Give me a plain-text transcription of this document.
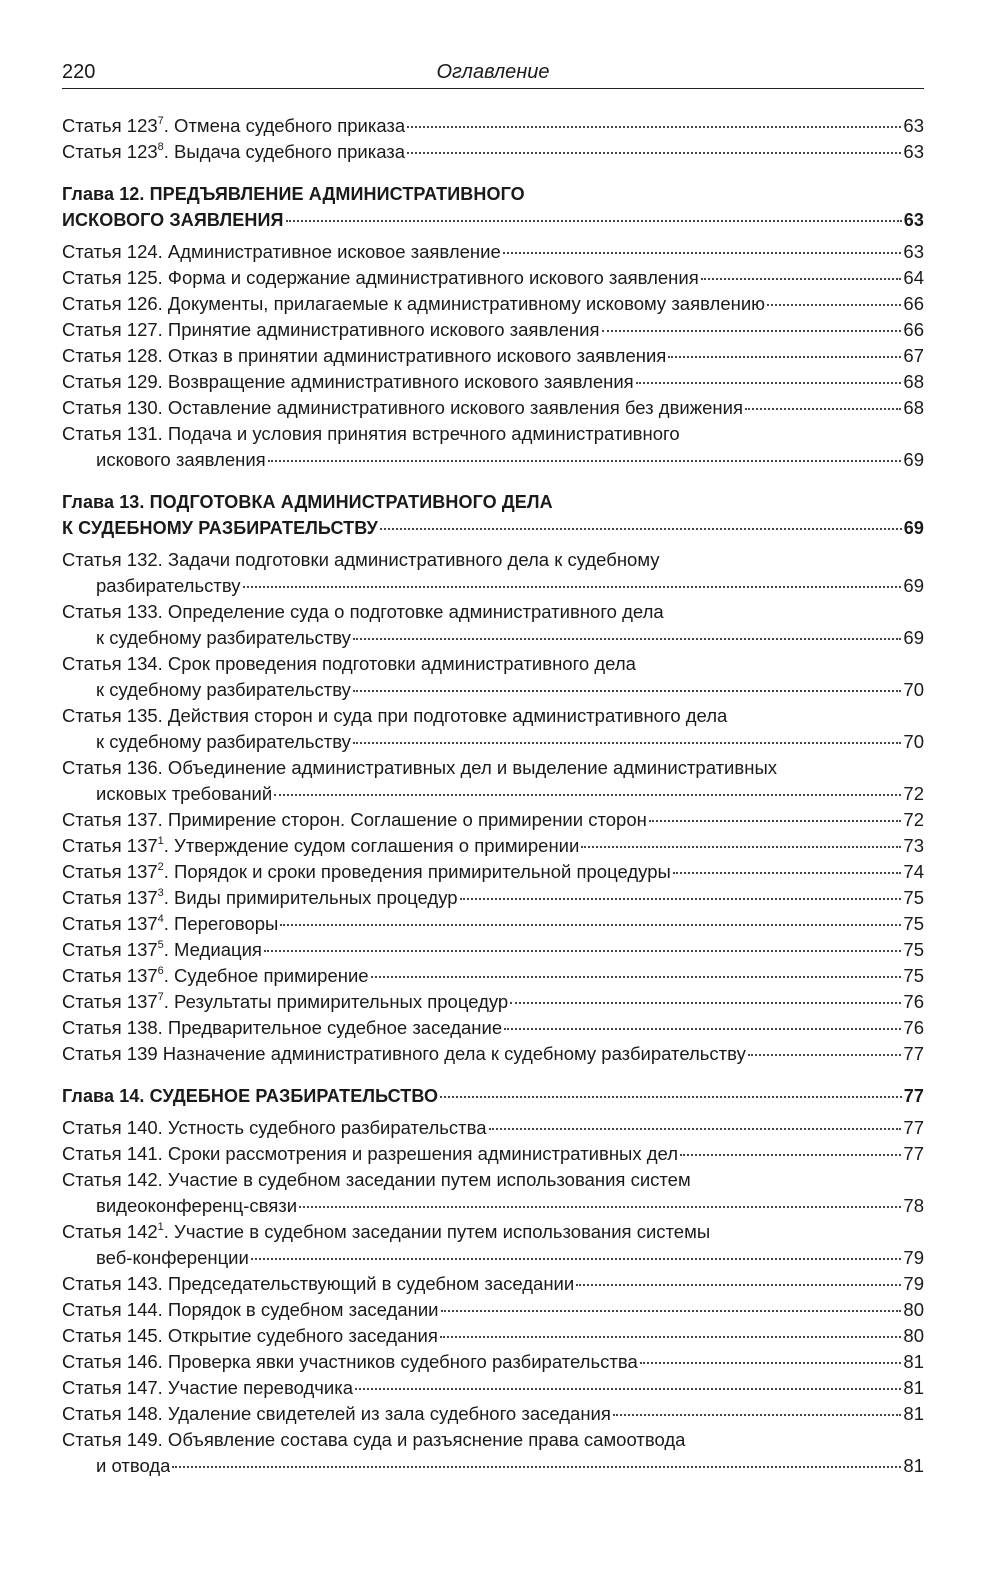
220	Оглавление
Статья $123^7$. Отмена судебного приказа	63
Статья $123^8$. Выдача судебного приказа	63
Глава 12. ПРЕДЪЯВЛЕНИЕ АДМИНИСТРАТИВНОГО
ИСКОВОГО ЗАЯВЛЕНИЯ	63
Статья 124. Административное исковое заявление	63
Статья 125. Форма и содержание административного искового заявления	64
Статья 126. Документы, прилагаемые к административному исковому заявлению	66
Статья 127. Принятие административного искового заявления	66
Статья 128. Отказ в принятии административного искового заявления	67
Статья 129. Возвращение административного искового заявления	68
Статья 130. Оставление административного искового заявления без движения	68
Статья 131. Подача и условия принятия встречного административного
искового заявления	69
Глава 13. ПОДГОТОВКА АДМИНИСТРАТИВНОГО ДЕЛА
К СУДЕБНОМУ РАЗБИРАТЕЛЬСТВУ	69
Статья 132. Задачи подготовки административного дела к судебному
разбирательству	69
Статья 133. Определение суда о подготовке административного дела
к судебному разбирательству	69
Статья 134. Срок проведения подготовки административного дела
к судебному разбирательству	70
Статья 135. Действия сторон и суда при подготовке административного дела
к судебному разбирательству	70
Статья 136. Объединение административных дел и выделение административных
исковых требований	72
Статья 137. Примирение сторон. Соглашение о примирении сторон	72
Статья $137^1$. Утверждение судом соглашения о примирении	73
Статья $137^2$. Порядок и сроки проведения примирительной процедуры	74
Статья $137^3$. Виды примирительных процедур	75
Статья $137^4$. Переговоры	75
Статья $137^5$. Медиация	75
Статья $137^6$. Судебное примирение	75
Статья $137^7$. Результаты примирительных процедур	76
Статья 138. Предварительное судебное заседание	76
Статья 139 Назначение административного дела к судебному разбирательству	77
Глава 14. СУДЕБНОЕ РАЗБИРАТЕЛЬСТВО	77
Статья 140. Устность судебного разбирательства	77
Статья 141. Сроки рассмотрения и разрешения административных дел	77
Статья 142. Участие в судебном заседании путем использования систем
видеоконференц-связи	78
Статья $142^1$. Участие в судебном заседании путем использования системы
веб-конференции	79
Статья 143. Председательствующий в судебном заседании	79
Статья 144. Порядок в судебном заседании	80
Статья 145. Открытие судебного заседания	80
Статья 146. Проверка явки участников судебного разбирательства	81
Статья 147. Участие переводчика	81
Статья 148. Удаление свидетелей из зала судебного заседания	81
Статья 149. Объявление состава суда и разъяснение права самоотвода
и отвода	81
